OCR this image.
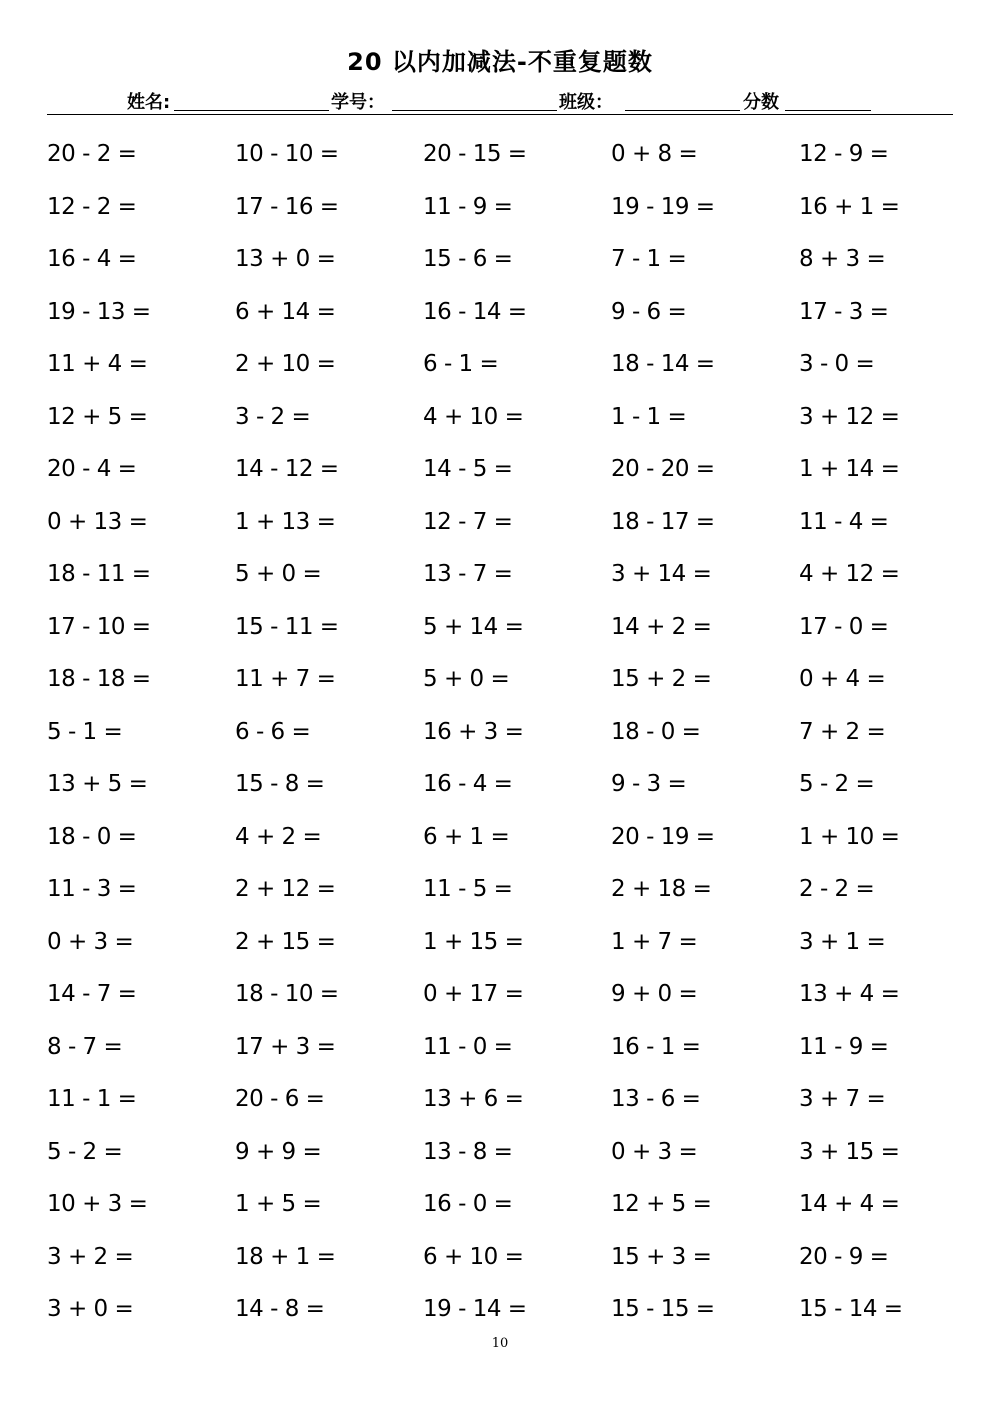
20 以内加减法-不重复题数
姓名:	学号：	班级：	分数
20 - 2 =	10 - 10 =	20 - 15 =	0 + 8 =	12 - 9 =
12 - 2 =	17 - 16 =	11 - 9 =	19 - 19 =	16 + 1 =
16 - 4 =	13 + 0 =	15 - 6 =	7 - 1 =	8 + 3 =
19 - 13 =	6 + 14 =	16 - 14 =	9 - 6 =	17 - 3 =
11 + 4 =	2 + 10 =	6 - 1 =	18 - 14 =	3 - 0 =
12 + 5 =	3 - 2 =	4 + 10 =	1 - 1 =	3 + 12 =
20 - 4 =	14 - 12 =	14 - 5 =	20 - 20 =	1 + 14 =
0 + 13 =	1 + 13 =	12 - 7 =	18 - 17 =	11 - 4 =
18 - 11 =	5 + 0 =	13 - 7 =	3 + 14 =	4 + 12 =
17 - 10 =	15 - 11 =	5 + 14 =	14 + 2 =	17 - 0 =
18 - 18 =	11 + 7 =	5 + 0 =	15 + 2 =	0 + 4 =
5 - 1 =	6 - 6 =	16 + 3 =	18 - 0 =	7 + 2 =
13 + 5 =	15 - 8 =	16 - 4 =	9 - 3 =	5 - 2 =
18 - 0 =	4 + 2 =	6 + 1 =	20 - 19 =	1 + 10 =
11 - 3 =	2 + 12 =	11 - 5 =	2 + 18 =	2 - 2 =
0 + 3 =	2 + 15 =	1 + 15 =	1 + 7 =	3 + 1 =
14 - 7 =	18 - 10 =	0 + 17 =	9 + 0 =	13 + 4 =
8 - 7 =	17 + 3 =	11 - 0 =	16 - 1 =	11 - 9 =
11 - 1 =	20 - 6 =	13 + 6 =	13 - 6 =	3 + 7 =
5 - 2 =	9 + 9 =	13 - 8 =	0 + 3 =	3 + 15 =
10 + 3 =	1 + 5 =	16 - 0 =	12 + 5 =	14 + 4 =
3 + 2 =	18 + 1 =	6 + 10 =	15 + 3 =	20 - 9 =
3 + 0 =	14 - 8 =	19 - 14 =	15 - 15 =	15 - 14 =
10
